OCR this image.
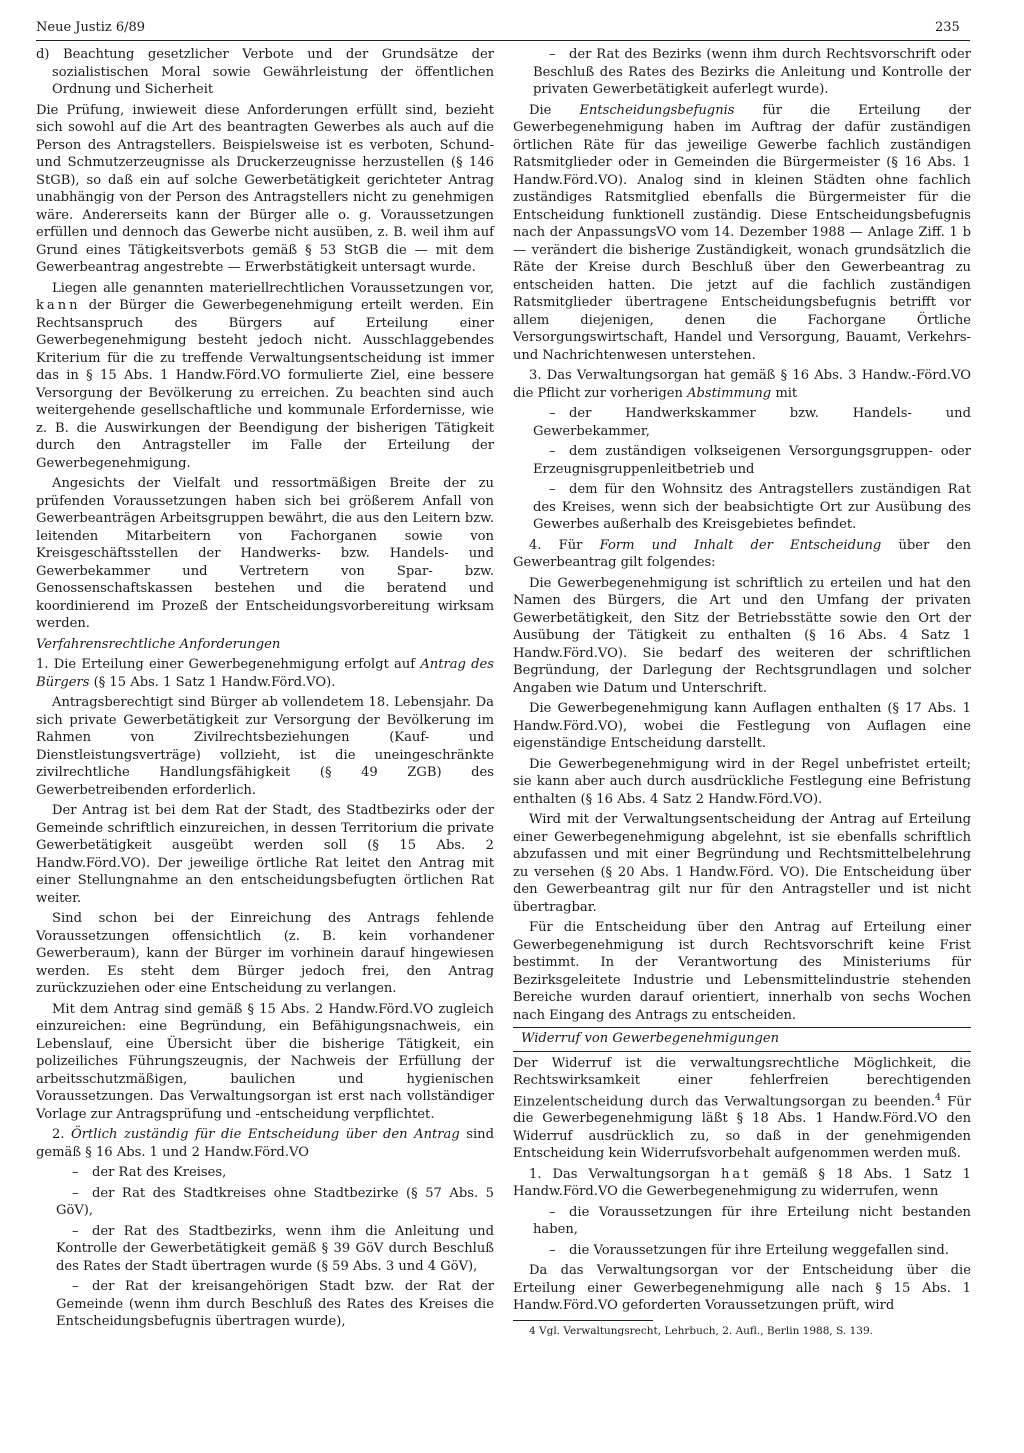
Neue Justiz 6/89	235

d) Beachtung gesetzlicher Verbote und der Grundsätze der sozialistischen Moral sowie Gewährleistung der öffentlichen Ordnung und Sicherheit

Die Prüfung, inwieweit diese Anforderungen erfüllt sind, bezieht sich sowohl auf die Art des beantragten Gewerbes als auch auf die Person des Antragstellers. Beispielsweise ist es verboten, Schund- und Schmutzerzeugnisse als Druckerzeugnisse herzustellen (§ 146 StGB), so daß ein auf solche Gewerbetätigkeit gerichteter Antrag unabhängig von der Person des Antragstellers nicht zu genehmigen wäre. Andererseits kann der Bürger alle o. g. Voraussetzungen erfüllen und dennoch das Gewerbe nicht ausüben, z. B. weil ihm auf Grund eines Tätigkeitsverbots gemäß § 53 StGB die — mit dem Gewerbeantrag angestrebte — Erwerbstätigkeit untersagt wurde.

Liegen alle genannten materiellrechtlichen Voraussetzungen vor, kann der Bürger die Gewerbegenehmigung erteilt werden. Ein Rechtsanspruch des Bürgers auf Erteilung einer Gewerbegenehmigung besteht jedoch nicht. Ausschlaggebendes Kriterium für die zu treffende Verwaltungsentscheidung ist immer das in § 15 Abs. 1 Handw.Förd.VO formulierte Ziel, eine bessere Versorgung der Bevölkerung zu erreichen. Zu beachten sind auch weitergehende gesellschaftliche und kommunale Erfordernisse, wie z. B. die Auswirkungen der Beendigung der bisherigen Tätigkeit durch den Antragsteller im Falle der Erteilung der Gewerbegenehmigung.

Angesichts der Vielfalt und ressortmäßigen Breite der zu prüfenden Voraussetzungen haben sich bei größerem Anfall von Gewerbeanträgen Arbeitsgruppen bewährt, die aus den Leitern bzw. leitenden Mitarbeitern von Fachorganen sowie von Kreisgeschäftsstellen der Handwerks- bzw. Handels- und Gewerbekammer und Vertretern von Spar- bzw. Genossenschaftskassen bestehen und die beratend und koordinierend im Prozeß der Entscheidungsvorbereitung wirksam werden.

Verfahrensrechtliche Anforderungen

1. Die Erteilung einer Gewerbegenehmigung erfolgt auf Antrag des Bürgers (§ 15 Abs. 1 Satz 1 Handw.Förd.VO).

Antragsberechtigt sind Bürger ab vollendetem 18. Lebensjahr. Da sich private Gewerbetätigkeit zur Versorgung der Bevölkerung im Rahmen von Zivilrechtsbeziehungen (Kauf- und Dienstleistungsverträge) vollzieht, ist die uneingeschränkte zivilrechtliche Handlungsfähigkeit (§ 49 ZGB) des Gewerbetreibenden erforderlich.

Der Antrag ist bei dem Rat der Stadt, des Stadtbezirks oder der Gemeinde schriftlich einzureichen, in dessen Territorium die private Gewerbetätigkeit ausgeübt werden soll (§ 15 Abs. 2 Handw.Förd.VO). Der jeweilige örtliche Rat leitet den Antrag mit einer Stellungnahme an den entscheidungsbefugten örtlichen Rat weiter.

Sind schon bei der Einreichung des Antrags fehlende Voraussetzungen offensichtlich (z. B. kein vorhandener Gewerberaum), kann der Bürger im vorhinein darauf hingewiesen werden. Es steht dem Bürger jedoch frei, den Antrag zurückzuziehen oder eine Entscheidung zu verlangen.

Mit dem Antrag sind gemäß § 15 Abs. 2 Handw.Förd.VO zugleich einzureichen: eine Begründung, ein Befähigungsnachweis, ein Lebenslauf, eine Übersicht über die bisherige Tätigkeit, ein polizeiliches Führungszeugnis, der Nachweis der Erfüllung der arbeitsschutzmäßigen, baulichen und hygienischen Voraussetzungen. Das Verwaltungsorgan ist erst nach vollständiger Vorlage zur Antragsprüfung und -entscheidung verpflichtet.

2. Örtlich zuständig für die Entscheidung über den Antrag sind gemäß § 16 Abs. 1 und 2 Handw.Förd.VO

– der Rat des Kreises,

– der Rat des Stadtkreises ohne Stadtbezirke (§ 57 Abs. 5 GöV),

– der Rat des Stadtbezirks, wenn ihm die Anleitung und Kontrolle der Gewerbetätigkeit gemäß § 39 GöV durch Beschluß des Rates der Stadt übertragen wurde (§ 59 Abs. 3 und 4 GöV),

– der Rat der kreisangehörigen Stadt bzw. der Rat der Gemeinde (wenn ihm durch Beschluß des Rates des Kreises die Entscheidungsbefugnis übertragen wurde),

– der Rat des Bezirks (wenn ihm durch Rechtsvorschrift oder Beschluß des Rates des Bezirks die Anleitung und Kontrolle der privaten Gewerbetätigkeit auferlegt wurde).

Die Entscheidungsbefugnis für die Erteilung der Gewerbegenehmigung haben im Auftrag der dafür zuständigen örtlichen Räte für das jeweilige Gewerbe fachlich zuständigen Ratsmitglieder oder in Gemeinden die Bürgermeister (§ 16 Abs. 1 Handw.Förd.VO). Analog sind in kleinen Städten ohne fachlich zuständiges Ratsmitglied ebenfalls die Bürgermeister für die Entscheidung funktionell zuständig. Diese Entscheidungsbefugnis nach der AnpassungsVO vom 14. Dezember 1988 — Anlage Ziff. 1 b — verändert die bisherige Zuständigkeit, wonach grundsätzlich die Räte der Kreise durch Beschluß über den Gewerbeantrag zu entscheiden hatten. Die jetzt auf die fachlich zuständigen Ratsmitglieder übertragene Entscheidungsbefugnis betrifft vor allem diejenigen, denen die Fachorgane Örtliche Versorgungswirtschaft, Handel und Versorgung, Bauamt, Verkehrs- und Nachrichtenwesen unterstehen.

3. Das Verwaltungsorgan hat gemäß § 16 Abs. 3 Handw.-Förd.VO die Pflicht zur vorherigen Abstimmung mit

– der Handwerkskammer bzw. Handels- und Gewerbekammer,

– dem zuständigen volkseigenen Versorgungsgruppen- oder Erzeugnisgruppenleitbetrieb und

– dem für den Wohnsitz des Antragstellers zuständigen Rat des Kreises, wenn sich der beabsichtigte Ort zur Ausübung des Gewerbes außerhalb des Kreisgebietes befindet.

4. Für Form und Inhalt der Entscheidung über den Gewerbeantrag gilt folgendes:

Die Gewerbegenehmigung ist schriftlich zu erteilen und hat den Namen des Bürgers, die Art und den Umfang der privaten Gewerbetätigkeit, den Sitz der Betriebsstätte sowie den Ort der Ausübung der Tätigkeit zu enthalten (§ 16 Abs. 4 Satz 1 Handw.Förd.VO). Sie bedarf des weiteren der schriftlichen Begründung, der Darlegung der Rechtsgrundlagen und solcher Angaben wie Datum und Unterschrift.

Die Gewerbegenehmigung kann Auflagen enthalten (§ 17 Abs. 1 Handw.Förd.VO), wobei die Festlegung von Auflagen eine eigenständige Entscheidung darstellt.

Die Gewerbegenehmigung wird in der Regel unbefristet erteilt; sie kann aber auch durch ausdrückliche Festlegung eine Befristung enthalten (§ 16 Abs. 4 Satz 2 Handw.Förd.VO).

Wird mit der Verwaltungsentscheidung der Antrag auf Erteilung einer Gewerbegenehmigung abgelehnt, ist sie ebenfalls schriftlich abzufassen und mit einer Begründung und Rechtsmittelbelehrung zu versehen (§ 20 Abs. 1 Handw.Förd. VO). Die Entscheidung über den Gewerbeantrag gilt nur für den Antragsteller und ist nicht übertragbar.

Für die Entscheidung über den Antrag auf Erteilung einer Gewerbegenehmigung ist durch Rechtsvorschrift keine Frist bestimmt. In der Verantwortung des Ministeriums für Bezirksgeleitete Industrie und Lebensmittelindustrie stehenden Bereiche wurden darauf orientiert, innerhalb von sechs Wochen nach Eingang des Antrags zu entscheiden.

Widerruf von Gewerbegenehmigungen

Der Widerruf ist die verwaltungsrechtliche Möglichkeit, die Rechtswirksamkeit einer fehlerfreien berechtigenden Einzelentscheidung durch das Verwaltungsorgan zu beenden.$^4$ Für die Gewerbegenehmigung läßt § 18 Abs. 1 Handw.Förd.VO den Widerruf ausdrücklich zu, so daß in der genehmigenden Entscheidung kein Widerrufsvorbehalt aufgenommen werden muß.

1. Das Verwaltungsorgan hat gemäß § 18 Abs. 1 Satz 1 Handw.Förd.VO die Gewerbegenehmigung zu widerrufen, wenn

– die Voraussetzungen für ihre Erteilung nicht bestanden haben,

– die Voraussetzungen für ihre Erteilung weggefallen sind.

Da das Verwaltungsorgan vor der Entscheidung über die Erteilung einer Gewerbegenehmigung alle nach § 15 Abs. 1 Handw.Förd.VO geforderten Voraussetzungen prüft, wird

4 Vgl. Verwaltungsrecht, Lehrbuch, 2. Aufl., Berlin 1988, S. 139.
